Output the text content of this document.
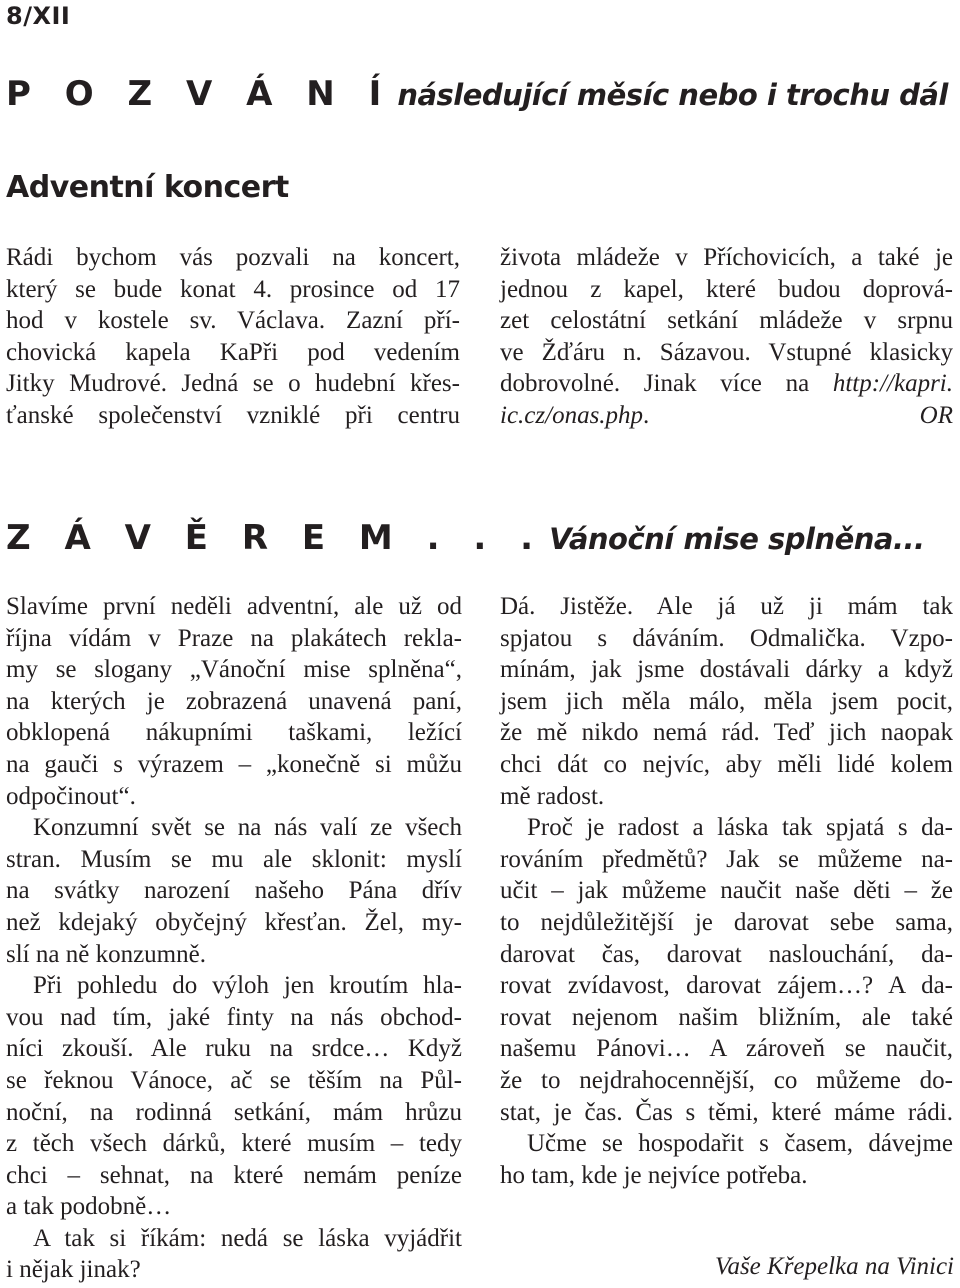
8/XII
P O Z V Á N Í následující měsíc nebo i trochu dál
Adventní koncert

Rádi bychom vás pozvali na koncert,

který se bude konat 4. prosince od 17

hod v kostele sv. Václava. Zazní pří-

chovická kapela KaPři pod vedením

Jitky Mudrové. Jedná se o hudební křes-

ťanské společenství vzniklé při centru

života mládeže v Příchovicích, a také je

jednou z kapel, které budou doprová-

zet celostátní setkání mládeže v srpnu

ve Žďáru n. Sázavou. Vstupné klasicky

dobrovolné. Jinak více na http://kapri.

ic.cz/onas.php.	OR

Z Á V Ě R E M . . . Vánoční mise splněna...

Slavíme první neděli adventní, ale už od

října vídám v Praze na plakátech rekla-

my se slogany „Vánoční mise splněna“,

na kterých je zobrazená unavená paní,

obklopená nákupními taškami, ležící

na gauči s výrazem – „konečně si můžu

odpočinout“.

Konzumní svět se na nás valí ze všech

stran. Musím se mu ale sklonit: myslí

na svátky narození našeho Pána dřív

než kdejaký obyčejný křesťan. Žel, my-

slí na ně konzumně.

Při pohledu do výloh jen kroutím hla-

vou nad tím, jaké finty na nás obchod-

níci zkouší. Ale ruku na srdce… Když

se řeknou Vánoce, ač se těším na Půl-

noční, na rodinná setkání, mám hrůzu

z těch všech dárků, které musím – tedy

chci – sehnat, na které nemám peníze

a tak podobně…

A tak si říkám: nedá se láska vyjádřit

i nějak jinak?

Dá. Jistěže. Ale já už ji mám tak

spjatou s dáváním. Odmalička. Vzpo-

mínám, jak jsme dostávali dárky a když

jsem jich měla málo, měla jsem pocit,

že mě nikdo nemá rád. Teď jich naopak

chci dát co nejvíc, aby měli lidé kolem

mě radost.

Proč je radost a láska tak spjatá s da-

rováním předmětů? Jak se můžeme na-

učit – jak můžeme naučit naše děti – že

to nejdůležitější je darovat sebe sama,

darovat čas, darovat naslouchání, da-

rovat zvídavost, darovat zájem…? A da-

rovat nejenom našim bližním, ale také

našemu Pánovi… A zároveň se naučit,

že to nejdrahocennější, co můžeme do-

stat, je čas. Čas s těmi, které máme rádi.

Učme se hospodařit s časem, dávejme

ho tam, kde je nejvíce potřeba.

Vaše Křepelka na Vinici
